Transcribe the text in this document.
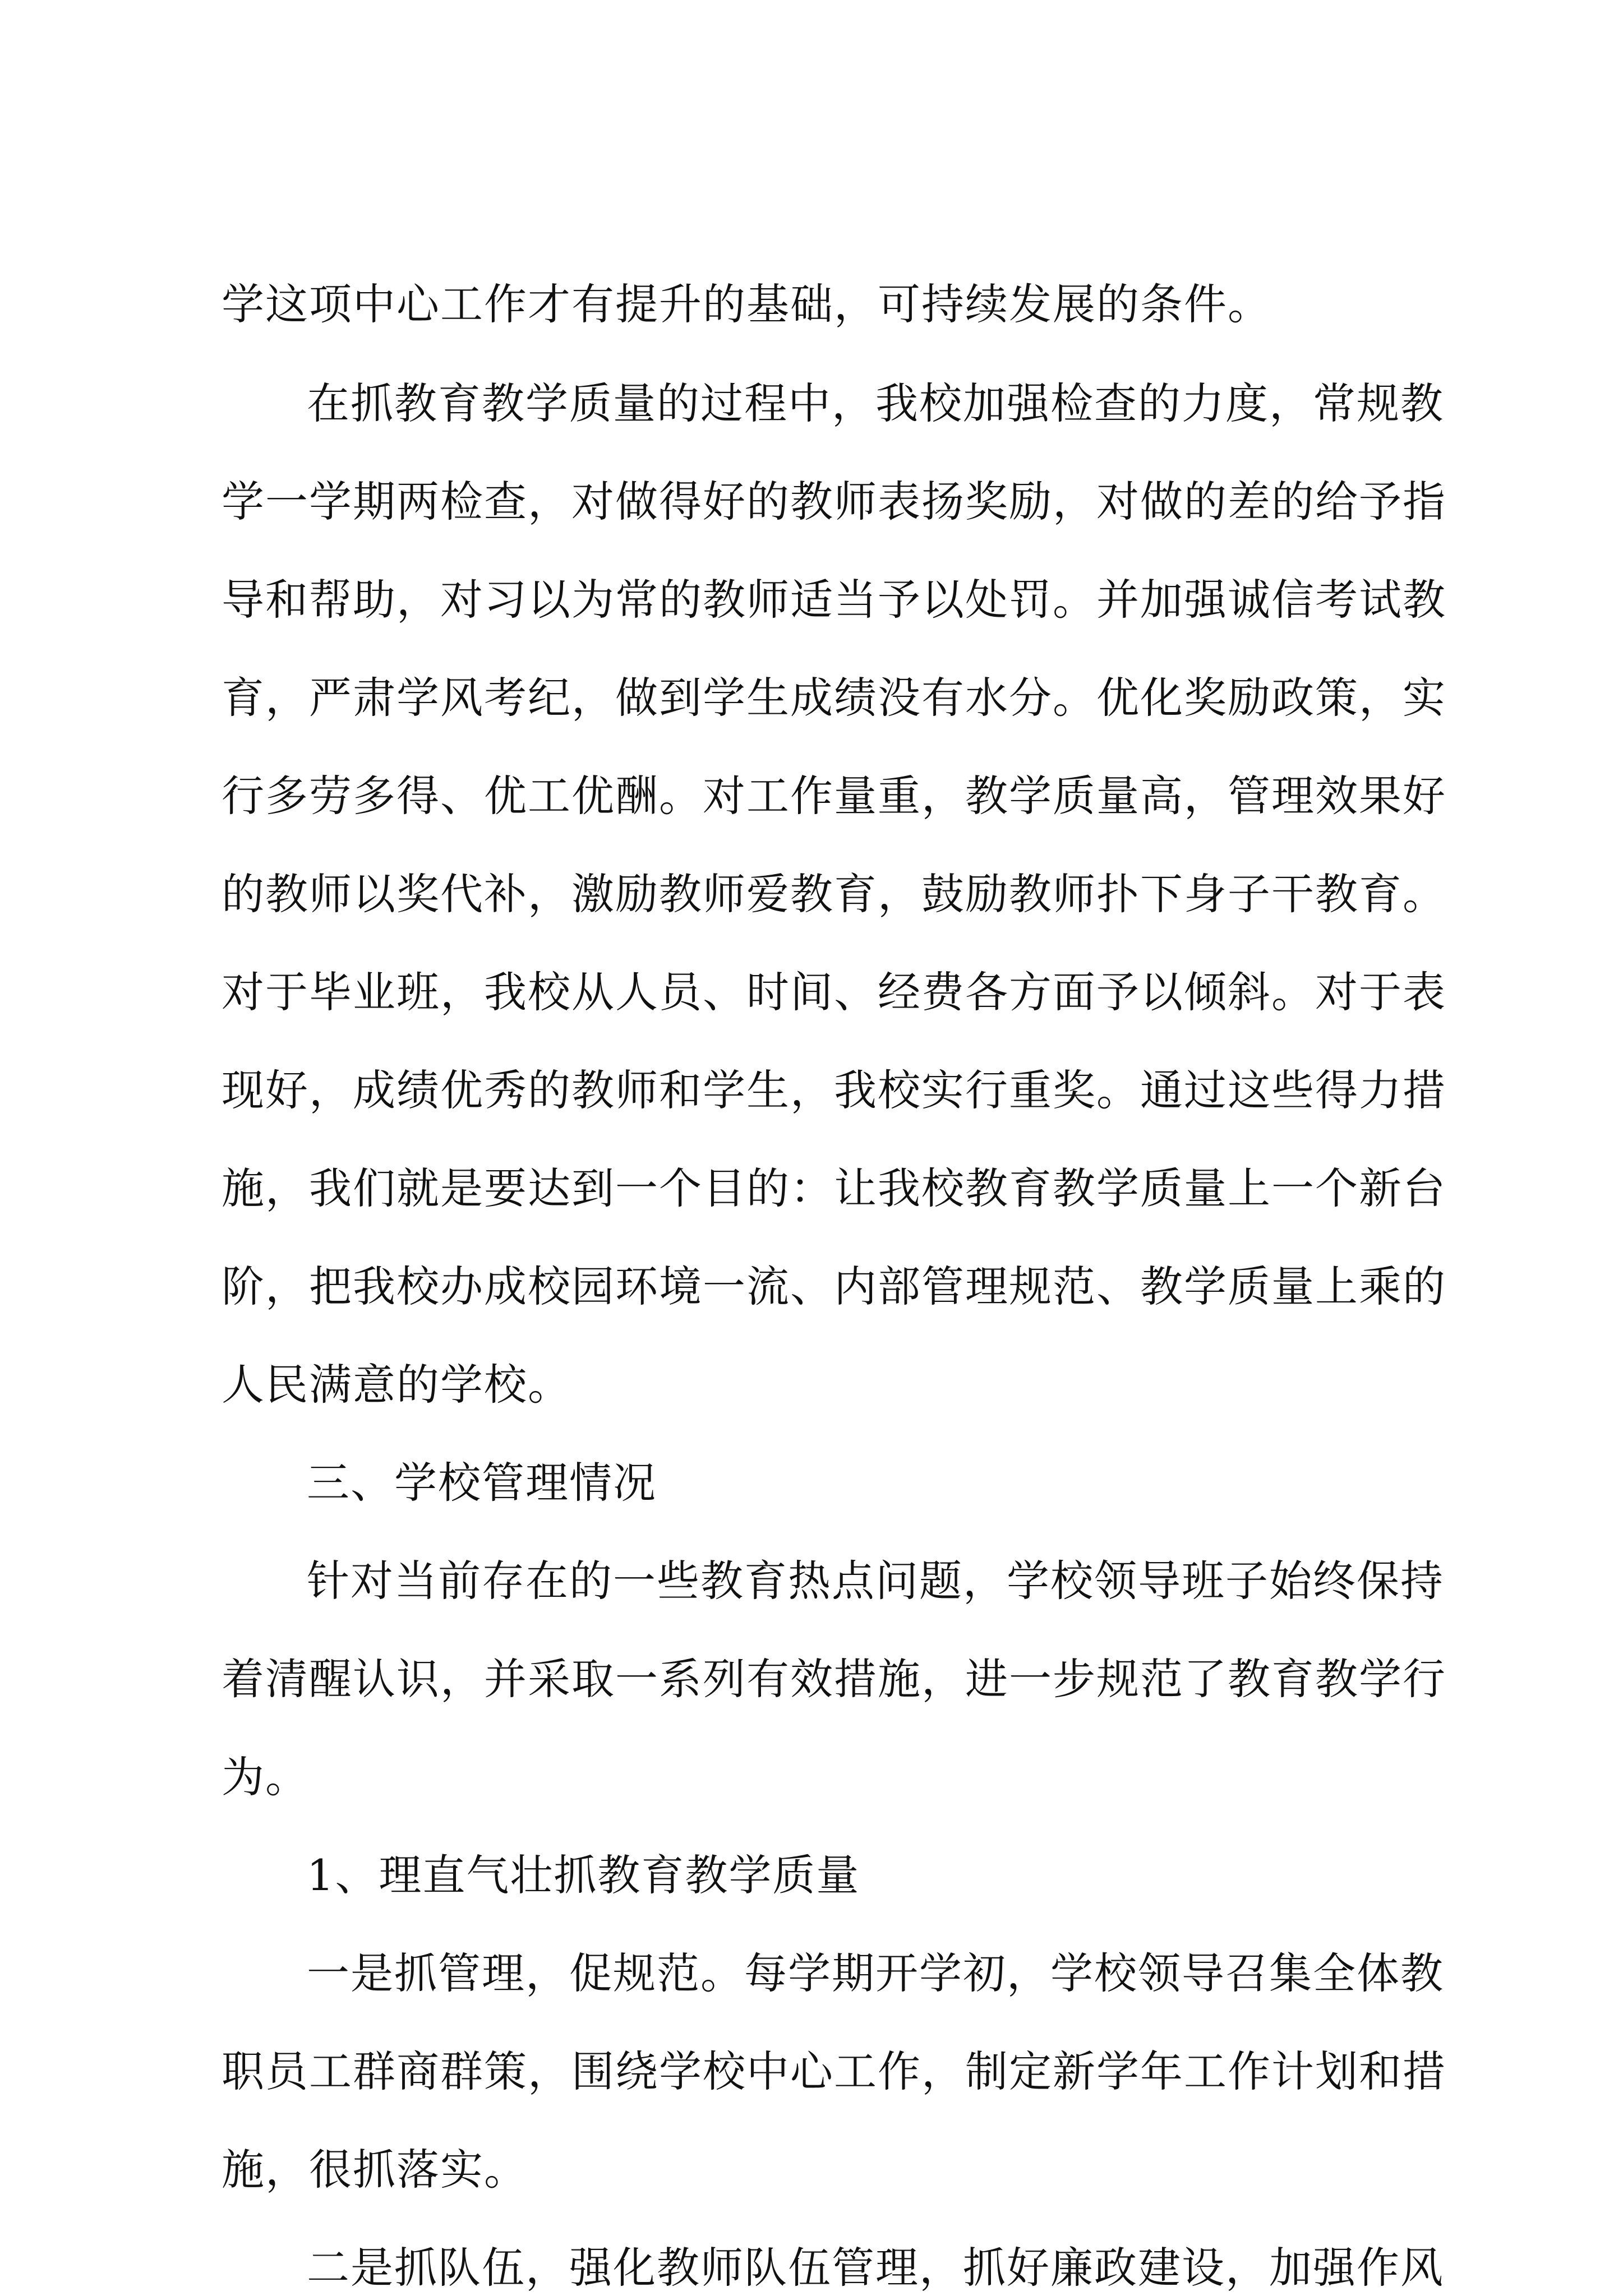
学这项中心工作才有提升的基础，可持续发展的条件。
在抓教育教学质量的过程中，我校加强检查的力度，常规教
学一学期两检查，对做得好的教师表扬奖励，对做的差的给予指
导和帮助，对习以为常的教师适当予以处罚。并加强诚信考试教
育，严肃学风考纪，做到学生成绩没有水分。优化奖励政策，实
行多劳多得、优工优酬。对工作量重，教学质量高，管理效果好
的教师以奖代补，激励教师爱教育，鼓励教师扑下身子干教育。
对于毕业班，我校从人员、时间、经费各方面予以倾斜。对于表
现好，成绩优秀的教师和学生，我校实行重奖。通过这些得力措
施，我们就是要达到一个目的：让我校教育教学质量上一个新台
阶，把我校办成校园环境一流、内部管理规范、教学质量上乘的
人民满意的学校。
三、学校管理情况
针对当前存在的一些教育热点问题，学校领导班子始终保持
着清醒认识，并采取一系列有效措施，进一步规范了教育教学行
为。
1、理直气壮抓教育教学质量
一是抓管理，促规范。每学期开学初，学校领导召集全体教
职员工群商群策，围绕学校中心工作，制定新学年工作计划和措
施，很抓落实。
二是抓队伍，强化教师队伍管理，抓好廉政建设，加强作风
